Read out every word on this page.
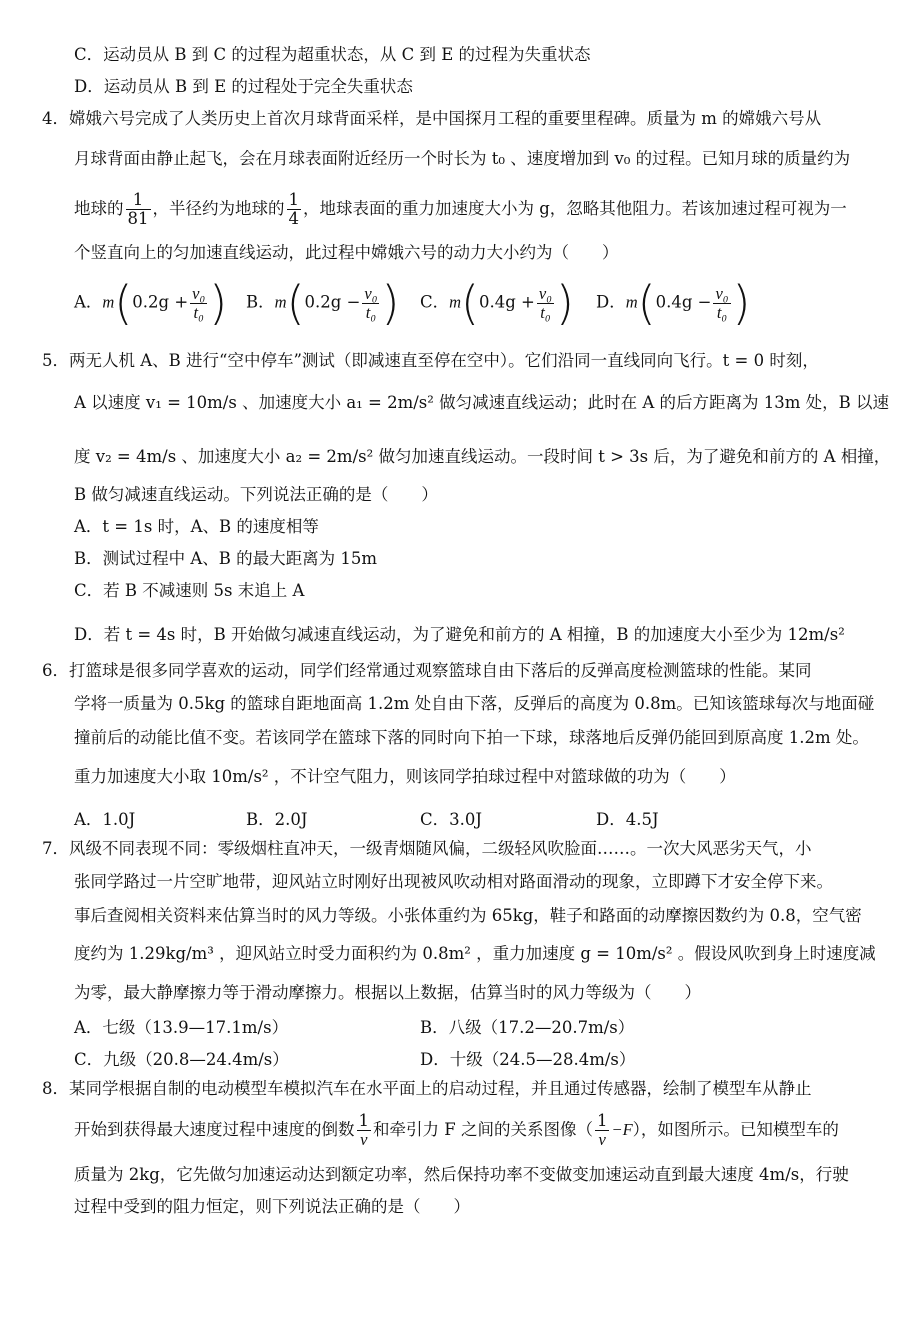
C．运动员从 B 到 C 的过程为超重状态，从 C 到 E 的过程为失重状态
D．运动员从 B 到 E 的过程处于完全失重状态
4．嫦娥六号完成了人类历史上首次月球背面采样，是中国探月工程的重要里程碑。质量为 m 的嫦娥六号从
月球背面由静止起飞，会在月球表面附近经历一个时长为 t₀ 、速度增加到 v₀ 的过程。已知月球的质量约为
地球的 $\frac{1}{81}$ ，半径约为地球的 $\frac{1}{4}$ ，地球表面的重力加速度大小为 g，忽略其他阻力。若该加速过程可视为一
个竖直向上的匀加速直线运动，此过程中嫦娥六号的动力大小约为（　　）
A．$m(0.2g + \frac{\text{v₀}}{\text{t₀}}$ ) B．$m(0.2g - \frac{\text{v₀}}{\text{t₀}}$ ) C．$m(0.4g + \frac{\text{v₀}}{\text{t₀}}$ ) D．$m(0.4g - \frac{\text{v₀}}{\text{t₀}}$ )
5．两无人机 A、B 进行“空中停车”测试（即减速直至停在空中）。它们沿同一直线同向飞行。t = 0 时刻，
A 以速度 v₁ = 10m/s 、加速度大小 a₁ = 2m/s² 做匀减速直线运动；此时在 A 的后方距离为 13m 处，B 以速
度 v₂ = 4m/s 、加速度大小 a₂ = 2m/s² 做匀加速直线运动。一段时间 t > 3s 后，为了避免和前方的 A 相撞，
B 做匀减速直线运动。下列说法正确的是（　　）
A．t = 1s 时，A、B 的速度相等
B．测试过程中 A、B 的最大距离为 15m
C．若 B 不减速则 5s 末追上 A
D．若 t = 4s 时，B 开始做匀减速直线运动，为了避免和前方的 A 相撞，B 的加速度大小至少为 12m/s²
6．打篮球是很多同学喜欢的运动，同学们经常通过观察篮球自由下落后的反弹高度检测篮球的性能。某同
学将一质量为 0.5kg 的篮球自距地面高 1.2m 处自由下落，反弹后的高度为 0.8m。已知该篮球每次与地面碰
撞前后的动能比值不变。若该同学在篮球下落的同时向下拍一下球，球落地后反弹仍能回到原高度 1.2m 处。
重力加速度大小取 10m/s² ，不计空气阻力，则该同学拍球过程中对篮球做的功为（　　）
A．1.0J	B．2.0J	C．3.0J	D．4.5J
7．风级不同表现不同：零级烟柱直冲天，一级青烟随风偏，二级轻风吹脸面……。一次大风恶劣天气，小
张同学路过一片空旷地带，迎风站立时刚好出现被风吹动相对路面滑动的现象，立即蹲下才安全停下来。
事后查阅相关资料来估算当时的风力等级。小张体重约为 65kg，鞋子和路面的动摩擦因数约为 0.8，空气密
度约为 1.29kg/m³ ，迎风站立时受力面积约为 0.8m² ，重力加速度 g = 10m/s² 。假设风吹到身上时速度减
为零，最大静摩擦力等于滑动摩擦力。根据以上数据，估算当时的风力等级为（　　）
A．七级（13.9—17.1m/s）	B．八级（17.2—20.7m/s）
C．九级（20.8—24.4m/s）	D．十级（24.5—28.4m/s）
8．某同学根据自制的电动模型车模拟汽车在水平面上的启动过程，并且通过传感器，绘制了模型车从静止
开始到获得最大速度过程中速度的倒数 $\frac{1}{v}$ 和牵引力 F 之间的关系图像（ $\frac{1}{v} -F$），如图所示。已知模型车的
质量为 2kg，它先做匀加速运动达到额定功率，然后保持功率不变做变加速运动直到最大速度 4m/s，行驶
过程中受到的阻力恒定，则下列说法正确的是（　　）
